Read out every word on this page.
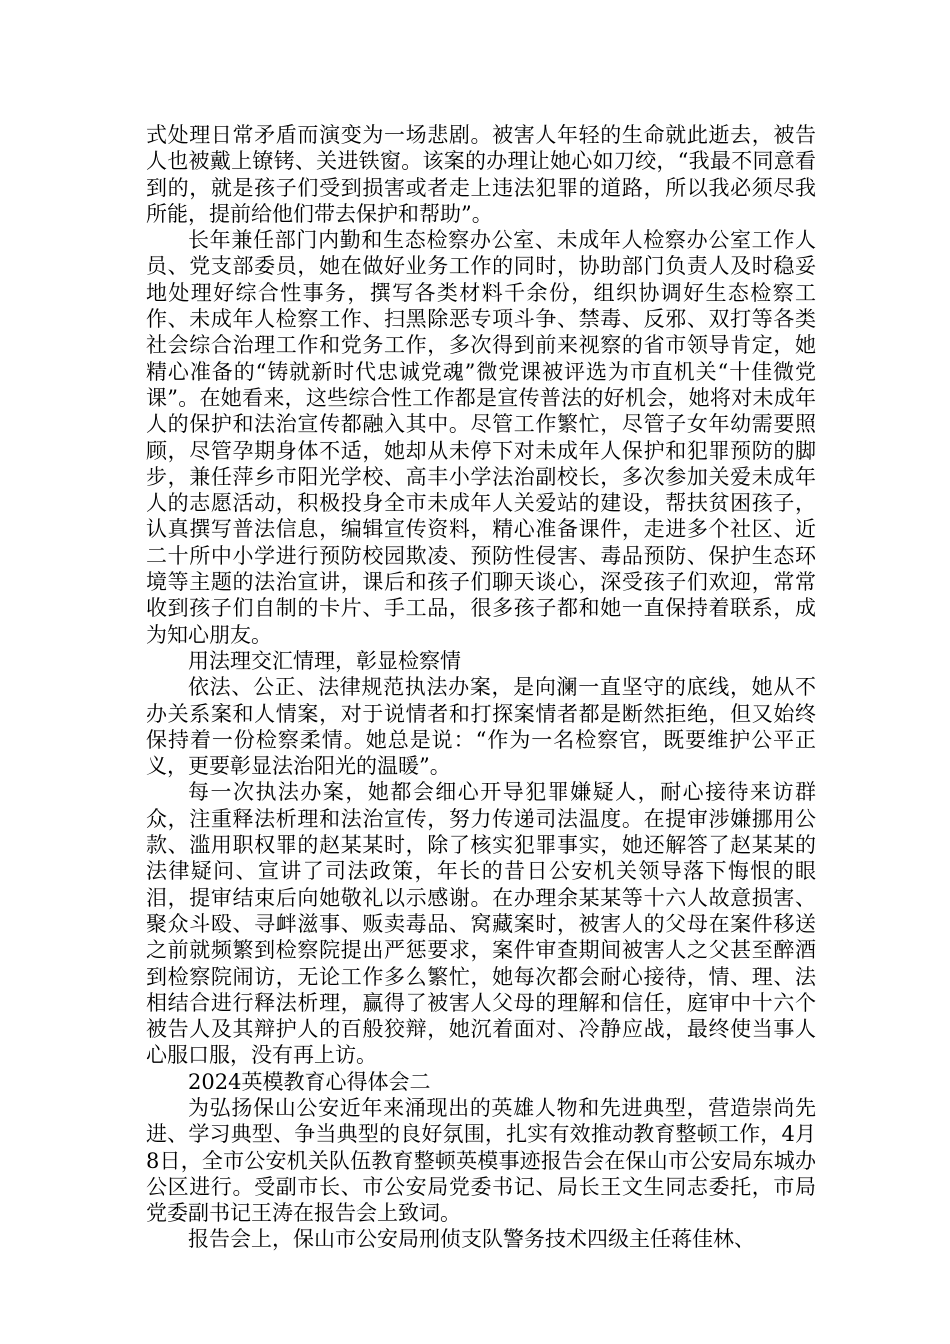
式处理日常矛盾而演变为一场悲剧。被害人年轻的生命就此逝去，被告人也被戴上镣铐、关进铁窗。该案的办理让她心如刀绞，“我最不同意看到的，就是孩子们受到损害或者走上违法犯罪的道路，所以我必须尽我所能，提前给他们带去保护和帮助”。

长年兼任部门内勤和生态检察办公室、未成年人检察办公室工作人员、党支部委员，她在做好业务工作的同时，协助部门负责人及时稳妥地处理好综合性事务，撰写各类材料千余份，组织协调好生态检察工作、未成年人检察工作、扫黑除恶专项斗争、禁毒、反邪、双打等各类社会综合治理工作和党务工作，多次得到前来视察的省市领导肯定，她精心准备的“铸就新时代忠诚党魂”微党课被评选为市直机关“十佳微党课”。在她看来，这些综合性工作都是宣传普法的好机会，她将对未成年人的保护和法治宣传都融入其中。尽管工作繁忙，尽管子女年幼需要照顾，尽管孕期身体不适，她却从未停下对未成年人保护和犯罪预防的脚步，兼任萍乡市阳光学校、高丰小学法治副校长，多次参加关爱未成年人的志愿活动，积极投身全市未成年人关爱站的建设，帮扶贫困孩子，认真撰写普法信息，编辑宣传资料，精心准备课件，走进多个社区、近二十所中小学进行预防校园欺凌、预防性侵害、毒品预防、保护生态环境等主题的法治宣讲，课后和孩子们聊天谈心，深受孩子们欢迎，常常收到孩子们自制的卡片、手工品，很多孩子都和她一直保持着联系，成为知心朋友。

用法理交汇情理，彰显检察情

依法、公正、法律规范执法办案，是向澜一直坚守的底线，她从不办关系案和人情案，对于说情者和打探案情者都是断然拒绝，但又始终保持着一份检察柔情。她总是说：“作为一名检察官，既要维护公平正义，更要彰显法治阳光的温暖”。

每一次执法办案，她都会细心开导犯罪嫌疑人，耐心接待来访群众，注重释法析理和法治宣传，努力传递司法温度。在提审涉嫌挪用公款、滥用职权罪的赵某某时，除了核实犯罪事实，她还解答了赵某某的法律疑问、宣讲了司法政策，年长的昔日公安机关领导落下悔恨的眼泪，提审结束后向她敬礼以示感谢。在办理余某某等十六人故意损害、聚众斗殴、寻衅滋事、贩卖毒品、窝藏案时，被害人的父母在案件移送之前就频繁到检察院提出严惩要求，案件审查期间被害人之父甚至醉酒到检察院闹访，无论工作多么繁忙，她每次都会耐心接待，情、理、法相结合进行释法析理，赢得了被害人父母的理解和信任，庭审中十六个被告人及其辩护人的百般狡辩，她沉着面对、冷静应战，最终使当事人心服口服，没有再上访。

2024英模教育心得体会二

为弘扬保山公安近年来涌现出的英雄人物和先进典型，营造崇尚先进、学习典型、争当典型的良好氛围，扎实有效推动教育整顿工作，4月8日，全市公安机关队伍教育整顿英模事迹报告会在保山市公安局东城办公区进行。受副市长、市公安局党委书记、局长王文生同志委托，市局党委副书记王涛在报告会上致词。

报告会上，保山市公安局刑侦支队警务技术四级主任蒋佳林、
